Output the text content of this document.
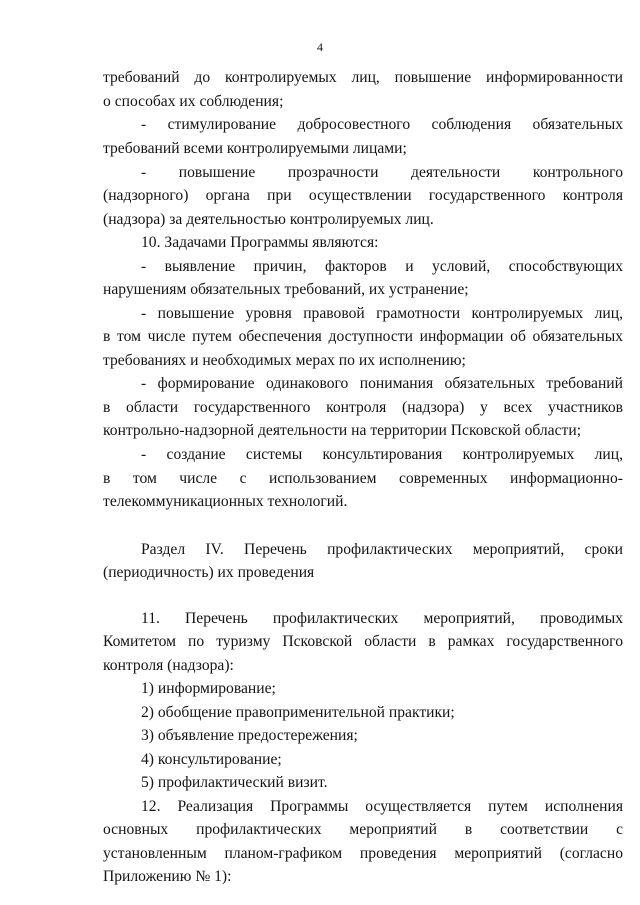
4
требований до контролируемых лиц, повышение информированности
о способах их соблюдения;
- стимулирование добросовестного соблюдения обязательных
требований всеми контролируемыми лицами;
- повышение прозрачности деятельности контрольного
(надзорного) органа при осуществлении государственного контроля
(надзора) за деятельностью контролируемых лиц.
10. Задачами Программы являются:
- выявление причин, факторов и условий, способствующих
нарушениям обязательных требований, их устранение;
- повышение уровня правовой грамотности контролируемых лиц,
в том числе путем обеспечения доступности информации об обязательных
требованиях и необходимых мерах по их исполнению;
- формирование одинакового понимания обязательных требований
в области государственного контроля (надзора) у всех участников
контрольно-надзорной деятельности на территории Псковской области;
- создание системы консультирования контролируемых лиц,
в том числе с использованием современных информационно-
телекоммуникационных технологий.
Раздел IV. Перечень профилактических мероприятий, сроки
(периодичность) их проведения
11. Перечень профилактических мероприятий, проводимых
Комитетом по туризму Псковской области в рамках государственного
контроля (надзора):
1) информирование;
2) обобщение правоприменительной практики;
3) объявление предостережения;
4) консультирование;
5) профилактический визит.
12. Реализация Программы осуществляется путем исполнения
основных профилактических мероприятий в соответствии с
установленным планом-графиком проведения мероприятий (согласно
Приложению № 1):
